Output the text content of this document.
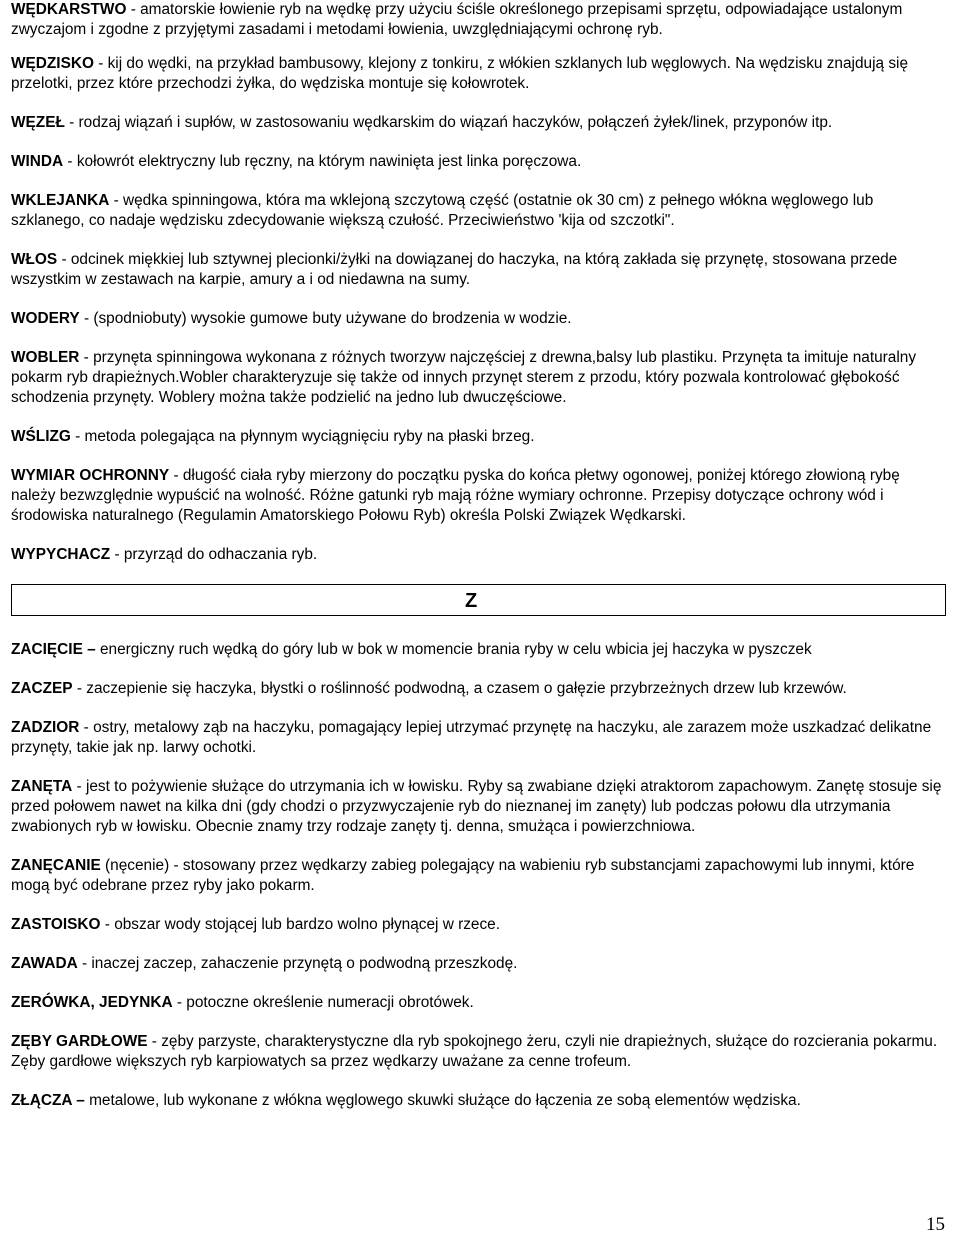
WĘDKARSTWO - amatorskie łowienie ryb na wędkę przy użyciu ściśle określonego przepisami sprzętu, odpowiadające ustalonym zwyczajom i zgodne z przyjętymi zasadami i metodami łowienia, uwzględniającymi ochronę ryb.

WĘDZISKO - kij do wędki, na przykład bambusowy, klejony z tonkiru, z włókien szklanych lub węglowych. Na wędzisku znajdują się przelotki, przez które przechodzi żyłka, do wędziska montuje się kołowrotek.

WĘZEŁ - rodzaj wiązań i supłów, w zastosowaniu wędkarskim do wiązań haczyków, połączeń żyłek/linek, przyponów itp.

WINDA - kołowrót elektryczny lub ręczny, na którym nawinięta jest linka poręczowa.

WKLEJANKA - wędka spinningowa, która ma wklejoną szczytową część (ostatnie ok 30 cm) z pełnego włókna węglowego lub szklanego, co nadaje wędzisku zdecydowanie większą czułość. Przeciwieństwo 'kija od szczotki".

WŁOS - odcinek miękkiej lub sztywnej plecionki/żyłki na dowiązanej do haczyka, na którą zakłada się przynętę, stosowana przede wszystkim w zestawach na karpie, amury a i od niedawna na sumy.

WODERY - (spodniobuty) wysokie gumowe buty używane do brodzenia w wodzie.

WOBLER - przynęta spinningowa wykonana z różnych tworzyw najczęściej z drewna,balsy lub plastiku. Przynęta ta imituje naturalny pokarm ryb drapieżnych.Wobler charakteryzuje się także od innych przynęt sterem z przodu, który pozwala kontrolować głębokość schodzenia przynęty. Woblery można także podzielić na jedno lub dwuczęściowe.

WŚLIZG - metoda polegająca na płynnym wyciągnięciu ryby na płaski brzeg.

WYMIAR OCHRONNY - długość ciała ryby mierzony do początku pyska do końca płetwy ogonowej, poniżej którego złowioną rybę należy bezwzględnie wypuścić na wolność. Różne gatunki ryb mają różne wymiary ochronne. Przepisy dotyczące ochrony wód i środowiska naturalnego (Regulamin Amatorskiego Połowu Ryb) określa Polski Związek Wędkarski.

WYPYCHACZ - przyrząd do odhaczania ryb.

Z

ZACIĘCIE – energiczny ruch wędką do góry lub w bok w momencie brania ryby w celu wbicia jej haczyka w pyszczek

ZACZEP - zaczepienie się haczyka, błystki o roślinność podwodną, a czasem o gałęzie przybrzeżnych drzew lub krzewów.

ZADZIOR - ostry, metalowy ząb na haczyku, pomagający lepiej utrzymać przynętę na haczyku, ale zarazem może uszkadzać delikatne przynęty, takie jak np. larwy ochotki.

ZANĘTA - jest to pożywienie służące do utrzymania ich w łowisku. Ryby są zwabiane dzięki atraktorom zapachowym. Zanętę stosuje się przed połowem nawet na kilka dni (gdy chodzi o przyzwyczajenie ryb do nieznanej im zanęty) lub podczas połowu dla utrzymania zwabionych ryb w łowisku. Obecnie znamy trzy rodzaje zanęty tj. denna, smużąca i powierzchniowa.

ZANĘCANIE (nęcenie) - stosowany przez wędkarzy zabieg polegający na wabieniu ryb substancjami zapachowymi lub innymi, które mogą być odebrane przez ryby jako pokarm.

ZASTOISKO - obszar wody stojącej lub bardzo wolno płynącej w rzece.

ZAWADA - inaczej zaczep, zahaczenie przynętą o podwodną przeszkodę.

ZERÓWKA, JEDYNKA - potoczne określenie numeracji obrotówek.

ZĘBY GARDŁOWE - zęby parzyste, charakterystyczne dla ryb spokojnego żeru, czyli nie drapieżnych, służące do rozcierania pokarmu. Zęby gardłowe większych ryb karpiowatych sa przez wędkarzy uważane za cenne trofeum.

ZŁĄCZA – metalowe, lub wykonane z włókna węglowego skuwki służące do łączenia ze sobą elementów wędziska.

15
